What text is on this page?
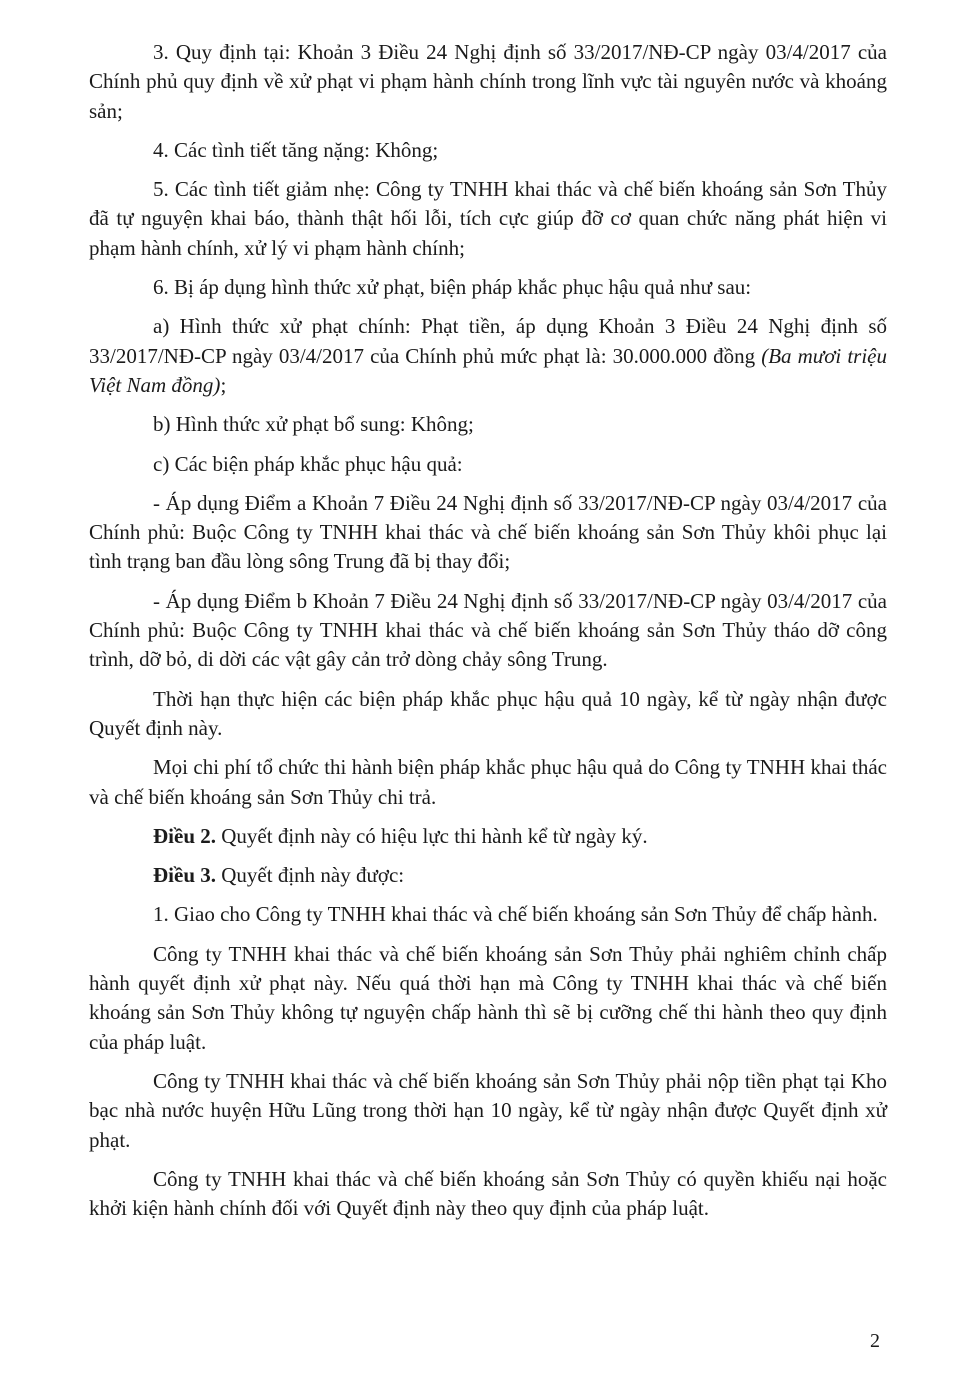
3. Quy định tại: Khoản 3 Điều 24 Nghị định số 33/2017/NĐ-CP ngày 03/4/2017 của Chính phủ quy định về xử phạt vi phạm hành chính trong lĩnh vực tài nguyên nước và khoáng sản;

4. Các tình tiết tăng nặng: Không;

5. Các tình tiết giảm nhẹ: Công ty TNHH khai thác và chế biến khoáng sản Sơn Thủy đã tự nguyện khai báo, thành thật hối lỗi, tích cực giúp đỡ cơ quan chức năng phát hiện vi phạm hành chính, xử lý vi phạm hành chính;

6. Bị áp dụng hình thức xử phạt, biện pháp khắc phục hậu quả như sau:

a) Hình thức xử phạt chính: Phạt tiền, áp dụng Khoản 3 Điều 24 Nghị định số 33/2017/NĐ-CP ngày 03/4/2017 của Chính phủ mức phạt là: 30.000.000 đồng (Ba mươi triệu Việt Nam đồng);

b) Hình thức xử phạt bổ sung: Không;

c) Các biện pháp khắc phục hậu quả:

- Áp dụng Điểm a Khoản 7 Điều 24 Nghị định số 33/2017/NĐ-CP ngày 03/4/2017 của Chính phủ: Buộc Công ty TNHH khai thác và chế biến khoáng sản Sơn Thủy khôi phục lại tình trạng ban đầu lòng sông Trung đã bị thay đổi;

- Áp dụng Điểm b Khoản 7 Điều 24 Nghị định số 33/2017/NĐ-CP ngày 03/4/2017 của Chính phủ: Buộc Công ty TNHH khai thác và chế biến khoáng sản Sơn Thủy tháo dỡ công trình, dỡ bỏ, di dời các vật gây cản trở dòng chảy sông Trung.

Thời hạn thực hiện các biện pháp khắc phục hậu quả 10 ngày, kể từ ngày nhận được Quyết định này.

Mọi chi phí tổ chức thi hành biện pháp khắc phục hậu quả do Công ty TNHH khai thác và chế biến khoáng sản Sơn Thủy chi trả.

Điều 2. Quyết định này có hiệu lực thi hành kể từ ngày ký.

Điều 3. Quyết định này được:

1. Giao cho Công ty TNHH khai thác và chế biến khoáng sản Sơn Thủy để chấp hành.

Công ty TNHH khai thác và chế biến khoáng sản Sơn Thủy phải nghiêm chỉnh chấp hành quyết định xử phạt này. Nếu quá thời hạn mà Công ty TNHH khai thác và chế biến khoáng sản Sơn Thủy không tự nguyện chấp hành thì sẽ bị cưỡng chế thi hành theo quy định của pháp luật.

Công ty TNHH khai thác và chế biến khoáng sản Sơn Thủy phải nộp tiền phạt tại Kho bạc nhà nước huyện Hữu Lũng trong thời hạn 10 ngày, kể từ ngày nhận được Quyết định xử phạt.

Công ty TNHH khai thác và chế biến khoáng sản Sơn Thủy có quyền khiếu nại hoặc khởi kiện hành chính đối với Quyết định này theo quy định của pháp luật.

2
